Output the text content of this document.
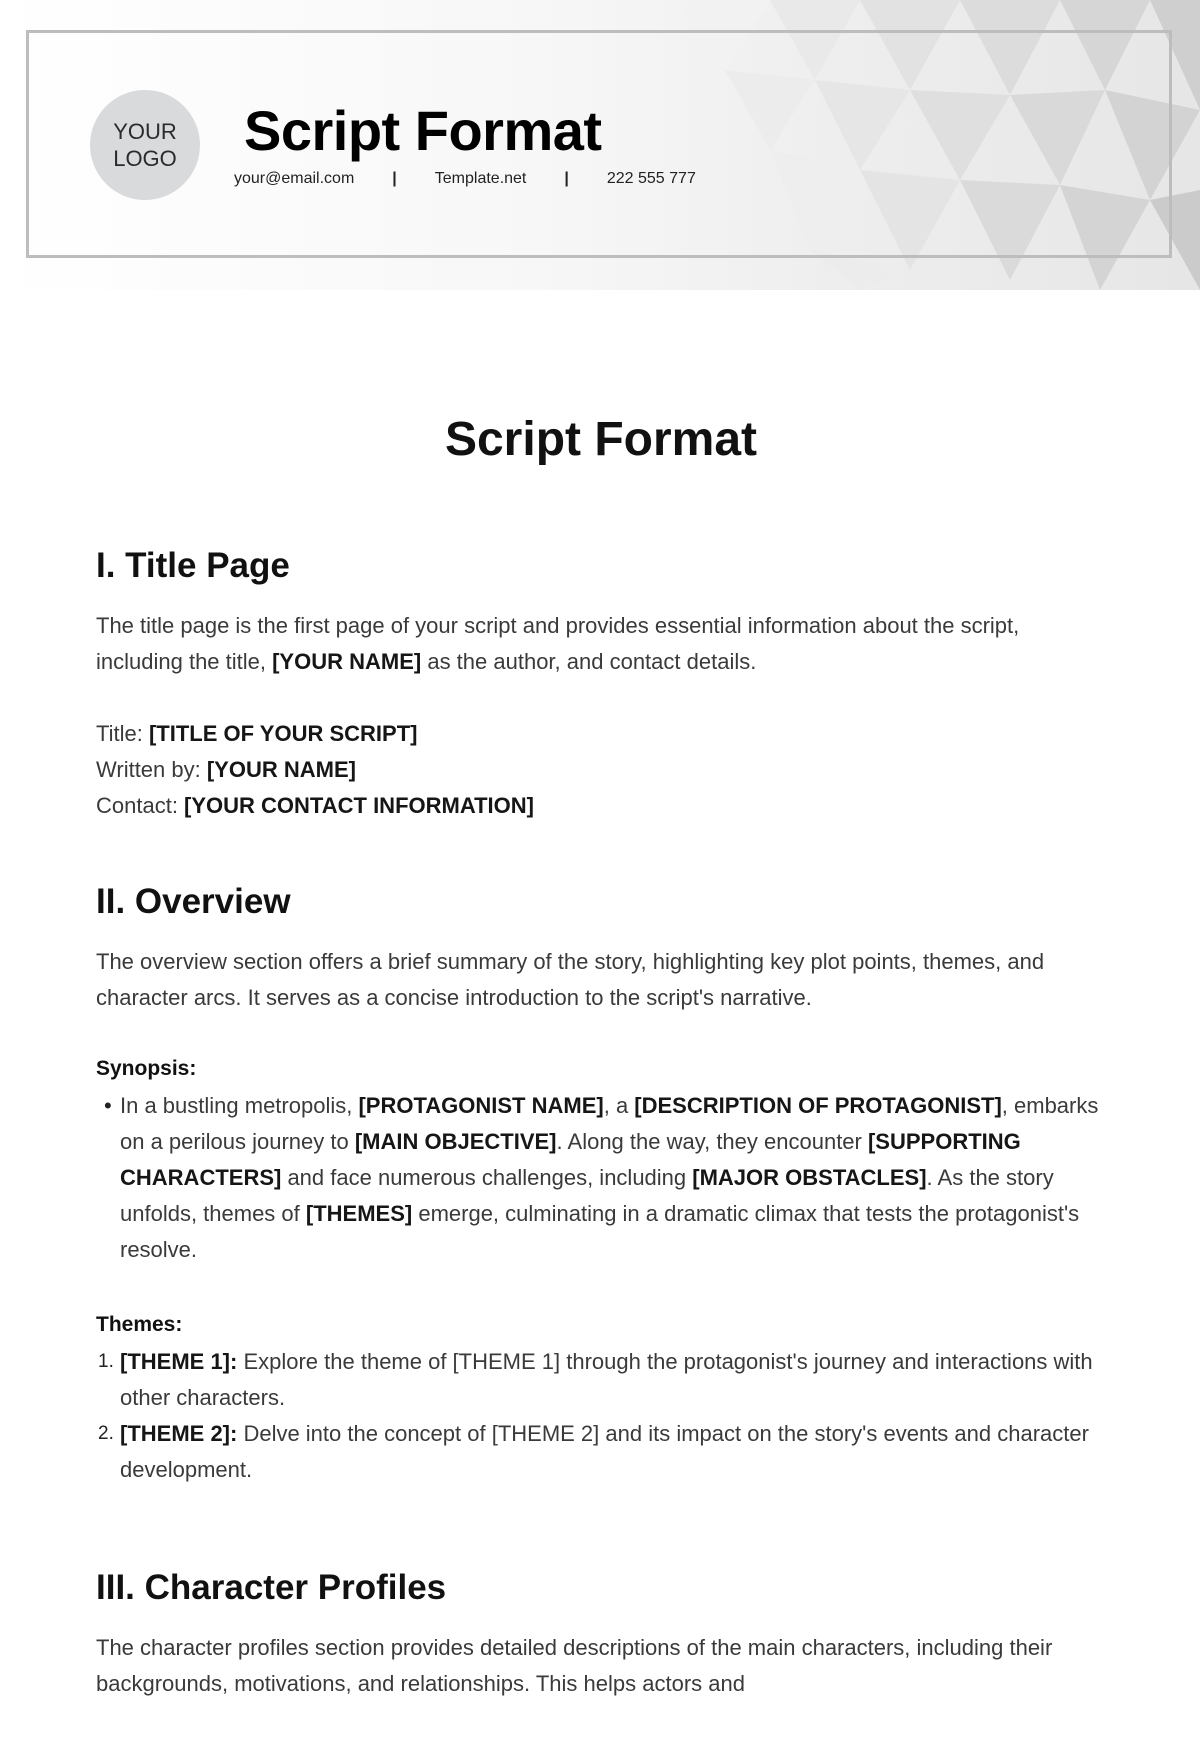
YOUR
LOGO	Script Format
your@email.com | Template.net | 222 555 777
Script Format
I. Title Page

The title page is the first page of your script and provides essential information about the script, including the title, [YOUR NAME] as the author, and contact details.

Title: [TITLE OF YOUR SCRIPT]
Written by: [YOUR NAME]
Contact: [YOUR CONTACT INFORMATION]
II. Overview

The overview section offers a brief summary of the story, highlighting key plot points, themes, and character arcs. It serves as a concise introduction to the script's narrative.

Synopsis:
• In a bustling metropolis, [PROTAGONIST NAME], a [DESCRIPTION OF PROTAGONIST], embarks on a perilous journey to [MAIN OBJECTIVE]. Along the way, they encounter [SUPPORTING CHARACTERS] and face numerous challenges, including [MAJOR OBSTACLES]. As the story unfolds, themes of [THEMES] emerge, culminating in a dramatic climax that tests the protagonist's resolve.
Themes:
1. [THEME 1]: Explore the theme of [THEME 1] through the protagonist's journey and interactions with other characters.
2. [THEME 2]: Delve into the concept of [THEME 2] and its impact on the story's events and character development.
III. Character Profiles

The character profiles section provides detailed descriptions of the main characters, including their backgrounds, motivations, and relationships. This helps actors and
